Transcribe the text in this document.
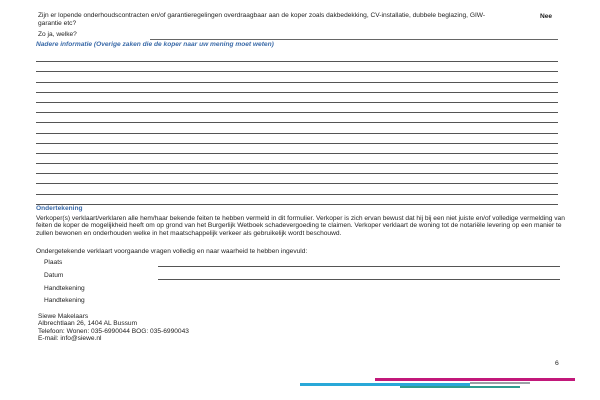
Zijn er lopende onderhoudscontracten en/of garantieregelingen overdraagbaar aan de koper zoals dakbedekking, CV-installatie, dubbele beglazing, GIW-garantie etc?
Nee
Zo ja, welke?
Nadere informatie (Overige zaken die de koper naar uw mening moet weten)
Ondertekening
Verkoper(s) verklaart/verklaren alle hem/haar bekende feiten te hebben vermeld in dit formulier. Verkoper is zich ervan bewust dat hij bij een niet juiste en/of volledige vermelding van feiten de koper de mogelijkheid heeft om op grond van het Burgerlijk Wetboek schadevergoeding te claimen. Verkoper verklaart de woning tot de notariële levering op een manier te zullen bewonen en onderhouden welke in het maatschappelijk verkeer als gebruikelijk wordt beschouwd.
Ondergetekende verklaart voorgaande vragen volledig en naar waarheid te hebben ingevuld:
Plaats
Datum
Handtekening
Handtekening
Siewe Makelaars
Albrechtlaan 26, 1404 AL Bussum
Telefoon: Wonen: 035-6990044 BOG: 035-6990043
E-mail: info@siewe.nl
6
